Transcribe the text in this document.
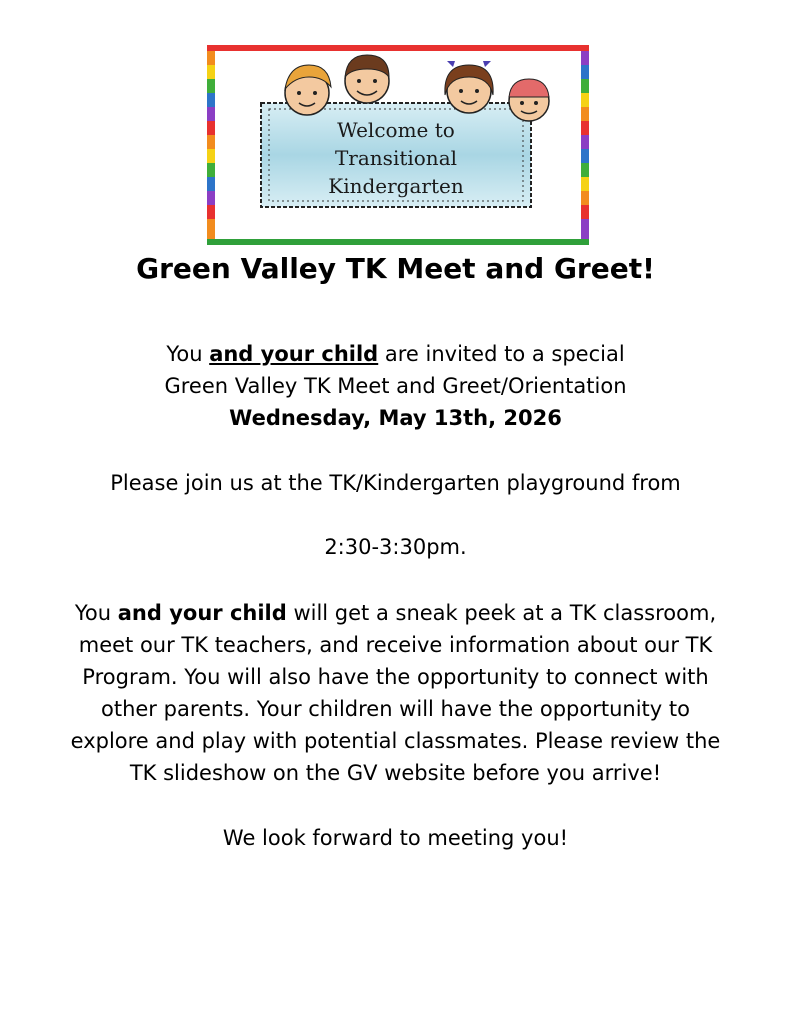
Welcome to
Transitional
Kindergarten
Green Valley TK Meet and Greet!

You and your child are invited to a special

Green Valley TK Meet and Greet/Orientation

Wednesday, May 13th, 2026

Please join us at the TK/Kindergarten playground from

2:30-3:30pm.

You and your child will get a sneak peek at a TK classroom,

meet our TK teachers, and receive information about our TK

Program. You will also have the opportunity to connect with

other parents. Your children will have the opportunity to

explore and play with potential classmates. Please review the

TK slideshow on the GV website before you arrive!

We look forward to meeting you!
